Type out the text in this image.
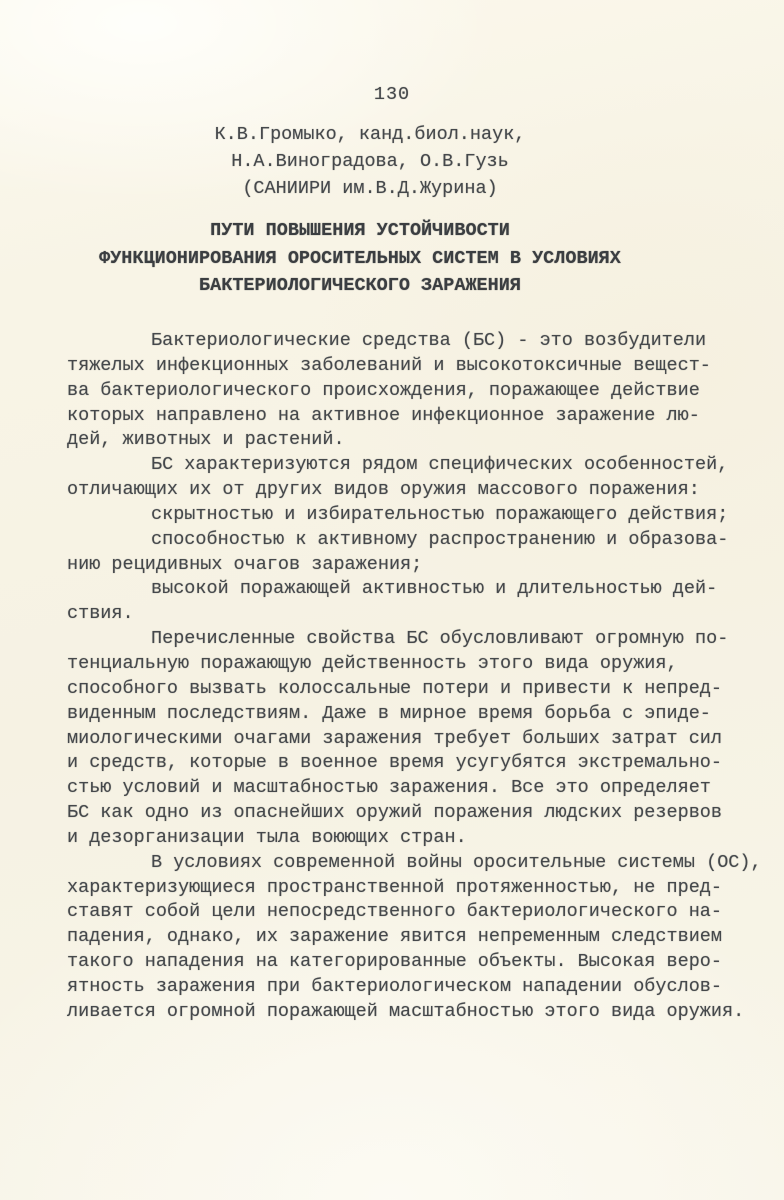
130
К.В.Громыко, канд.биол.наук,
Н.А.Виноградова, О.В.Гузь
(САНИИРИ им.В.Д.Журина)
ПУТИ ПОВЫШЕНИЯ УСТОЙЧИВОСТИ
ФУНКЦИОНИРОВАНИЯ ОРОСИТЕЛЬНЫХ СИСТЕМ В УСЛОВИЯХ
БАКТЕРИОЛОГИЧЕСКОГО ЗАРАЖЕНИЯ

Бактериологические средства (БС) - это возбудители
тяжелых инфекционных заболеваний и высокотоксичные вещест-
ва бактериологического происхождения, поражающее действие
которых направлено на активное инфекционное заражение лю-
дей, животных и растений.

БС характеризуются рядом специфических особенностей,
отличающих их от других видов оружия массового поражения:

скрытностью и избирательностью поражающего действия;

способностью к активному распространению и образова-
нию рецидивных очагов заражения;

высокой поражающей активностью и длительностью дей-
ствия.

Перечисленные свойства БС обусловливают огромную по-
тенциальную поражающую действенность этого вида оружия,
способного вызвать колоссальные потери и привести к непред-
виденным последствиям. Даже в мирное время борьба с эпиде-
миологическими очагами заражения требует больших затрат сил
и средств, которые в военное время усугубятся экстремально-
стью условий и масштабностью заражения. Все это определяет
БС как одно из опаснейших оружий поражения людских резервов
и дезорганизации тыла воюющих стран.

В условиях современной войны оросительные системы (ОС),
характеризующиеся пространственной протяженностью, не пред-
ставят собой цели непосредственного бактериологического на-
падения, однако, их заражение явится непременным следствием
такого нападения на категорированные объекты. Высокая веро-
ятность заражения при бактериологическом нападении обуслов-
ливается огромной поражающей масштабностью этого вида оружия.
